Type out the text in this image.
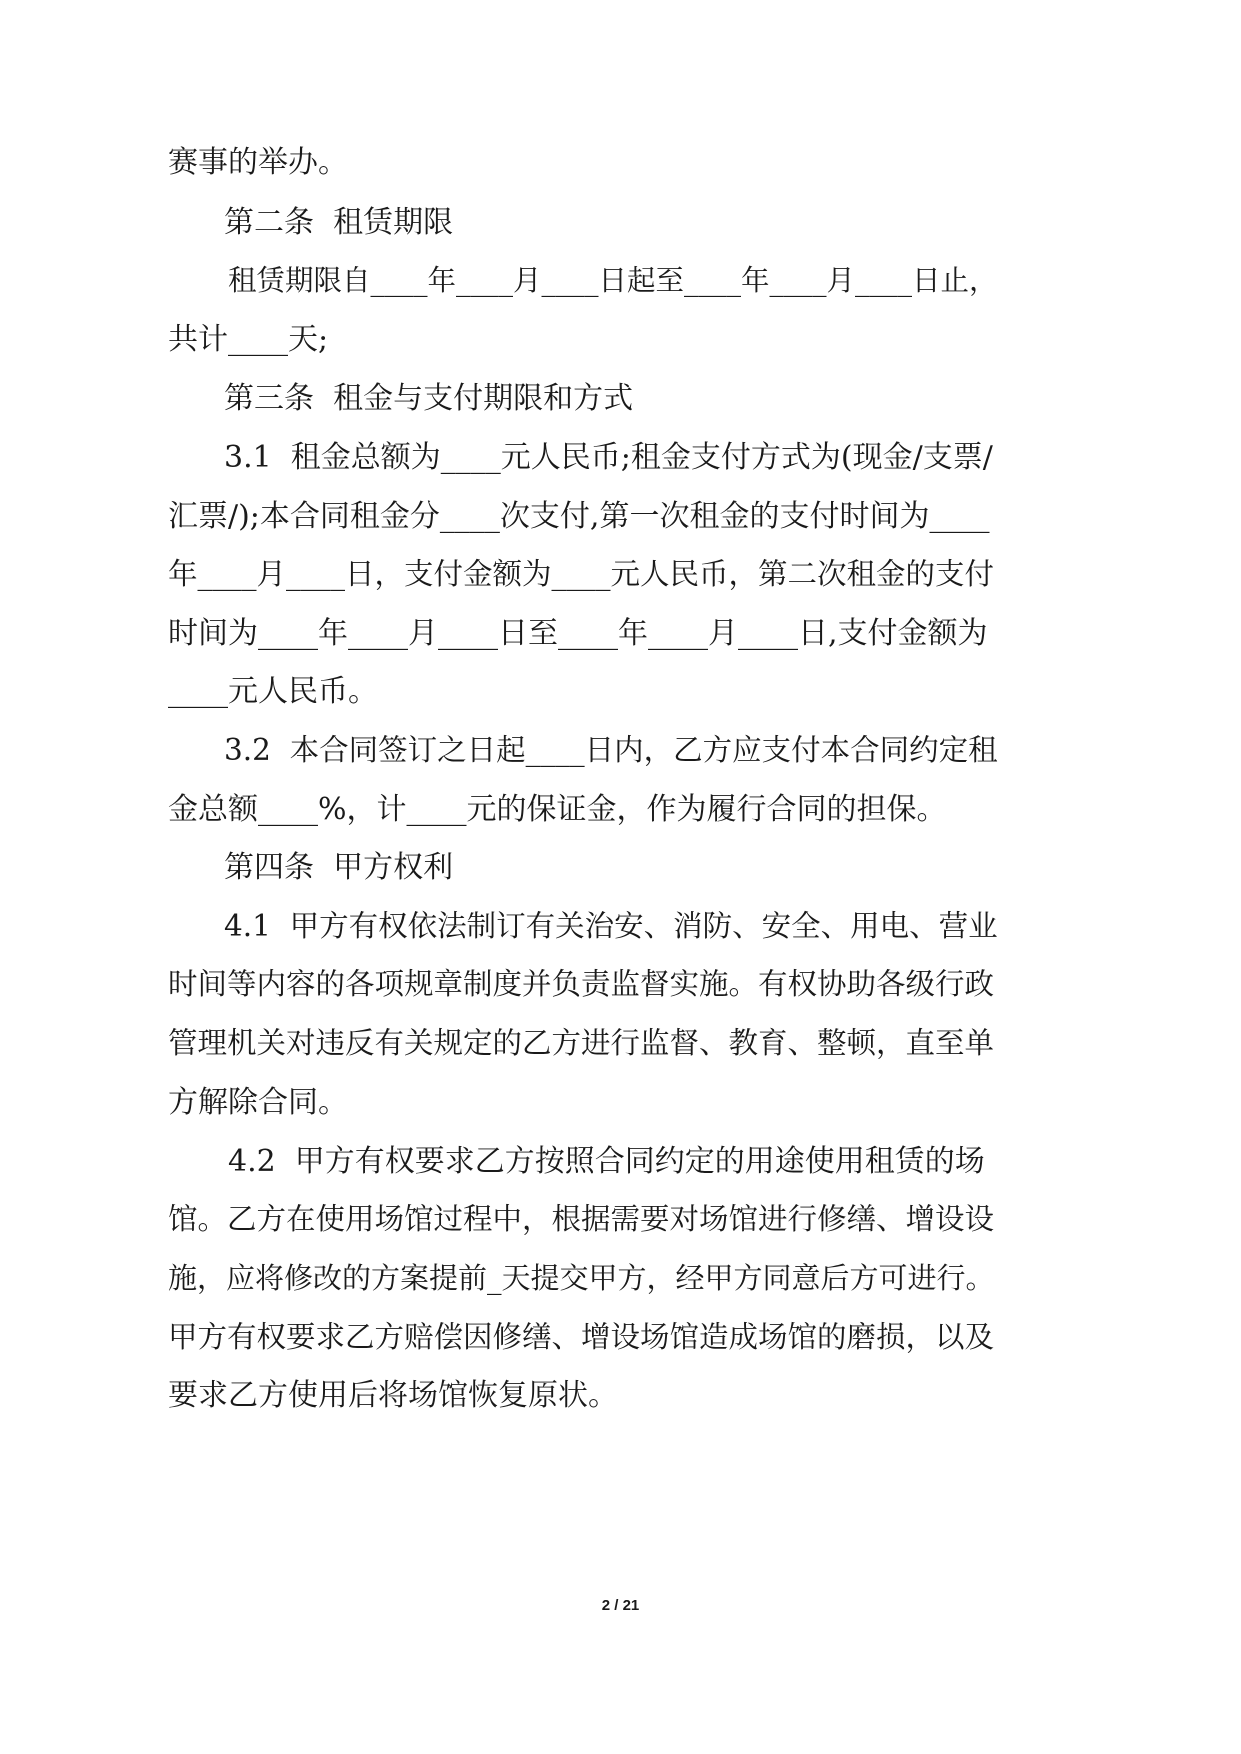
赛事的举办。
第二条  租赁期限
租赁期限自____年____月____日起至____年____月____日止，
共计____天;
第三条  租金与支付期限和方式
3.1  租金总额为____元人民币;租金支付方式为(现金/支票/
汇票/);本合同租金分____次支付,第一次租金的支付时间为____
年____月____日，支付金额为____元人民币，第二次租金的支付
时间为____年____月____日至____年____月____日,支付金额为
____元人民币。
3.2  本合同签订之日起____日内，乙方应支付本合同约定租
金总额____%，计____元的保证金，作为履行合同的担保。
第四条  甲方权利
4.1  甲方有权依法制订有关治安、消防、安全、用电、营业
时间等内容的各项规章制度并负责监督实施。有权协助各级行政
管理机关对违反有关规定的乙方进行监督、教育、整顿，直至单
方解除合同。
4.2  甲方有权要求乙方按照合同约定的用途使用租赁的场
馆。乙方在使用场馆过程中，根据需要对场馆进行修缮、增设设
施，应将修改的方案提前_天提交甲方，经甲方同意后方可进行。
甲方有权要求乙方赔偿因修缮、增设场馆造成场馆的磨损，以及
要求乙方使用后将场馆恢复原状。
2 / 21
